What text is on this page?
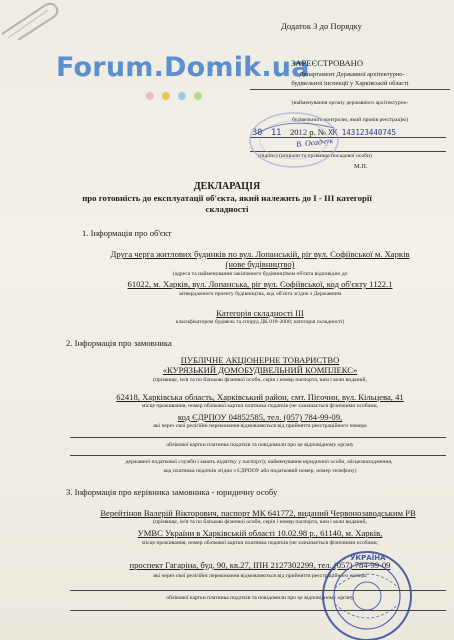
Додаток 3 до Порядку
Forum.Domik.ua
ЗАРЕЄСТРОВАНО
Департамент Державної архітектурно-
будівельної інспекції у Харківській області
(найменування органу державного архітектурно-
будівельного контролю, який провів реєстрацію)
30 11 2012 р. № ХК 143123440745
В. Осадчук
(підпис) (ініціали та прізвище посадової особи)
М.П.
ДЕКЛАРАЦІЯ
про готовність до експлуатації об'єкта, який належить до I - III категорії
складності
1. Інформація про об'єкт
Друга черга житлових будинків по вул. Лопанській, ріг вул. Софіївської м. Харків
(нове будівництво)
(адреса та найменування закінченого будівництвом об'єкта відповідно до
61022, м. Харків, вул. Лопанська, ріг вул. Софіївської, код об'єкту 1122.1
затвердженого проекту будівництва, код об'єкта згідно з Державним
Категорія складності III
класифікатором будівель та споруд ДК 018-2000; категорія складності)
2. Інформація про замовника
ПУБЛІЧНЕ АКЦІОНЕРНЕ ТОВАРИСТВО
«КУРЯЗЬКИЙ ДОМОБУДІВЕЛЬНИЙ КОМПЛЕКС»
(прізвище, ім'я та по батькові фізичної особи, серія і номер паспорта, ким і коли виданий,
62418, Харківська область, Харківський район, смт. Пісочин, вул. Кільцева, 41
місце проживання, номер облікової картки платника податків (не зазначається фізичними особами,
код ЄДРПОУ 04852585, тел. (057) 784-99-09,
які через свої релігійні переконання відмовляються від прийняття реєстраційного номера
облікової картки платника податків та повідомили про це відповідному органу
державної податкової служби і мають відмітку у паспорті); найменування юридичної особи, місцезнаходження,
код платника податків згідно з ЄДРПОУ або податковий номер, номер телефону)
3. Інформація про керівника замовника - юридичну особу
Верейтінов Валерій Вікторович, паспорт МК 641772, виданий Червонозаводським РВ
(прізвище, ім'я та по батькові фізичної особи, серія і номер паспорта, ким і коли виданий,
УМВС України в Харківській області 10.02.98 р., 61140, м. Харків,
місце проживання, номер облікової картки платника податків (не зазначається фізичними особами,
проспект Гагаріна, буд. 90, кв.27, ІПН 2127302299, тел. (057) 784-99-09
які через свої релігійні переконання відмовляються від прийняття реєстраційного номера
облікової картки платника податків та повідомили про це відповідному органу
УКРАЇНА
